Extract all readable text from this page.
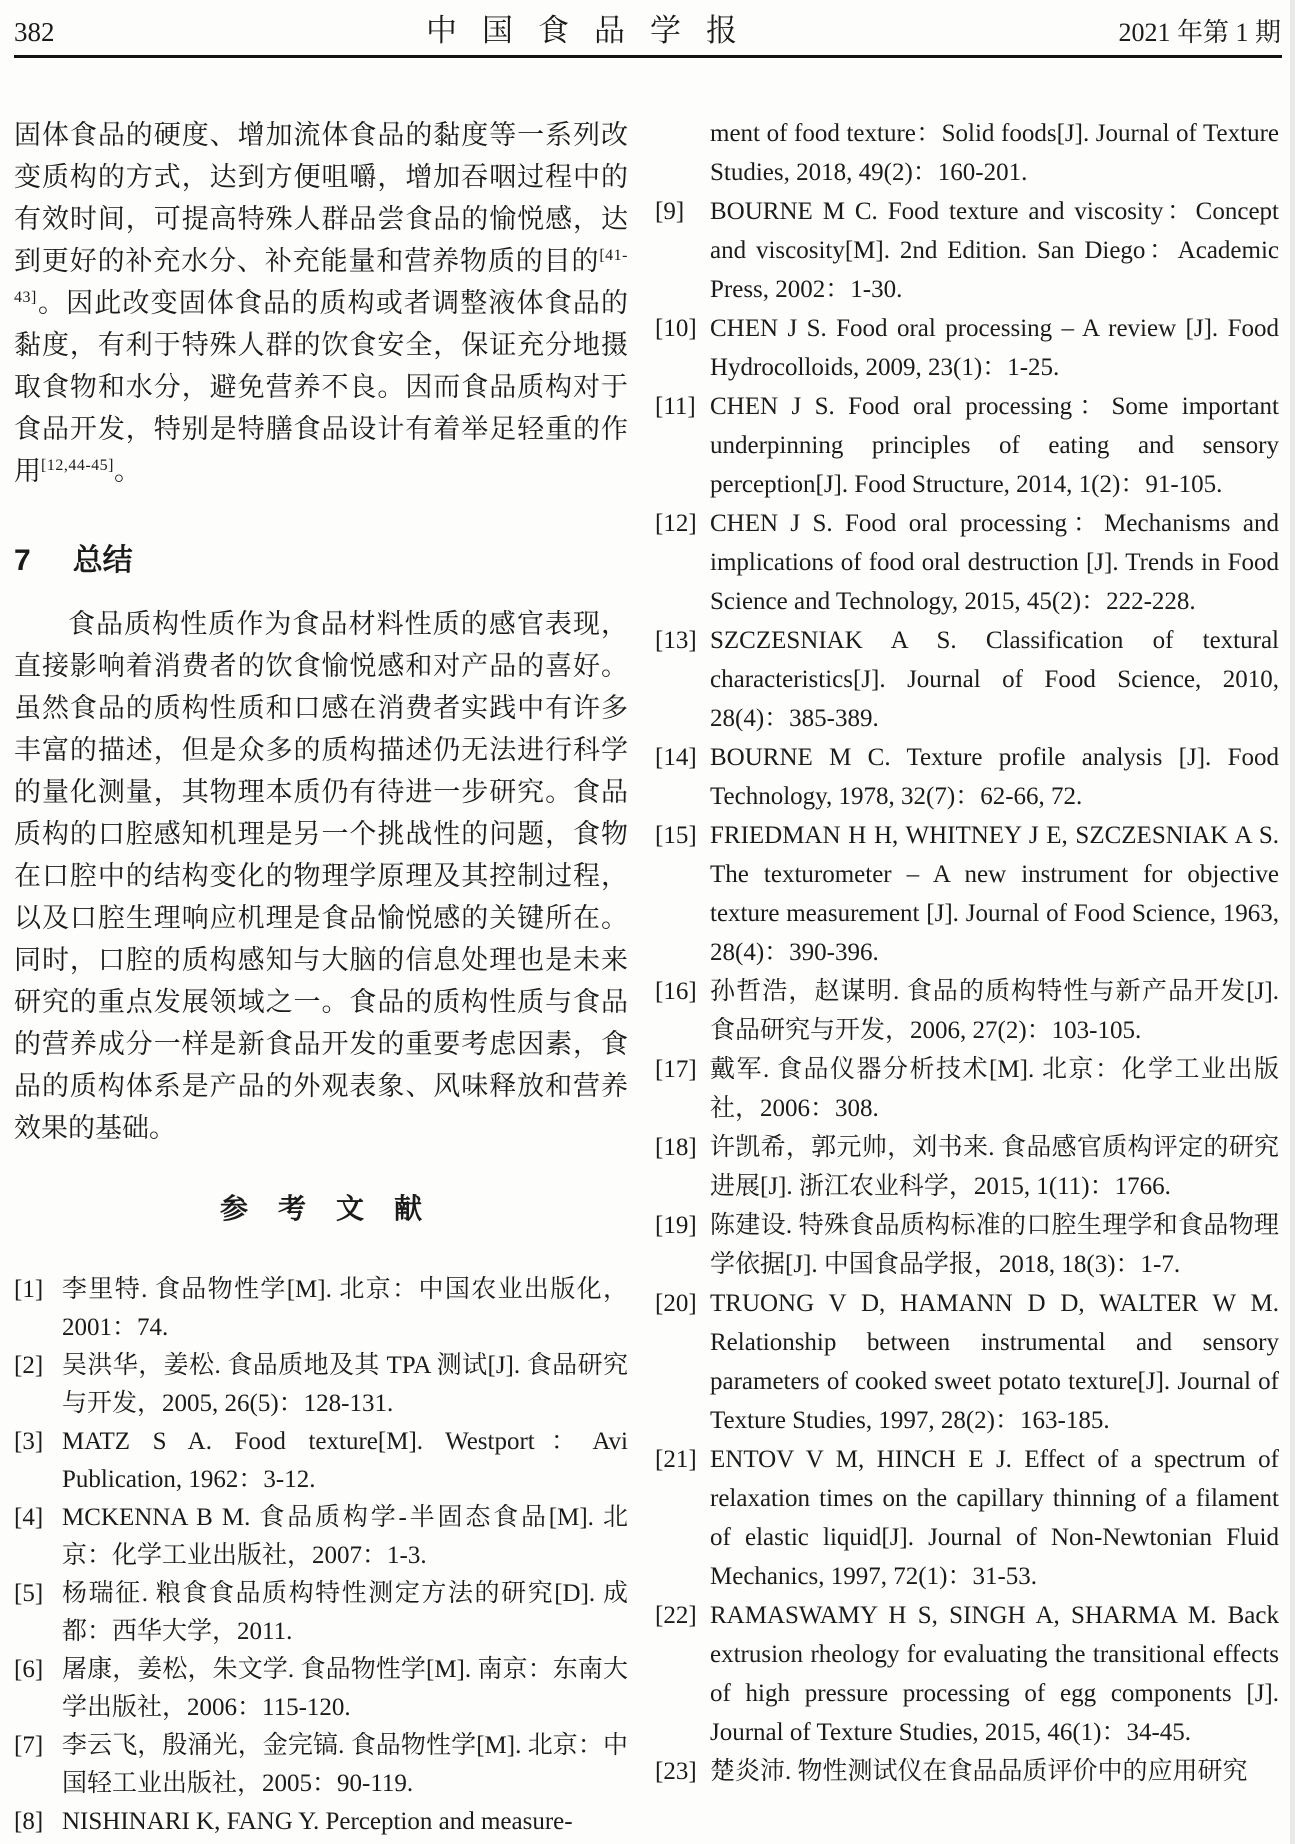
382	中国食品学报	2021 年第 1 期

固体食品的硬度、增加流体食品的黏度等一系列改变质构的方式，达到方便咀嚼，增加吞咽过程中的有效时间，可提高特殊人群品尝食品的愉悦感，达到更好的补充水分、补充能量和营养物质的目的[41-43]。因此改变固体食品的质构或者调整液体食品的黏度，有利于特殊人群的饮食安全，保证充分地摄取食物和水分，避免营养不良。因而食品质构对于食品开发，特别是特膳食品设计有着举足轻重的作用[12,44-45]。

7 总结

食品质构性质作为食品材料性质的感官表现，直接影响着消费者的饮食愉悦感和对产品的喜好。虽然食品的质构性质和口感在消费者实践中有许多丰富的描述，但是众多的质构描述仍无法进行科学的量化测量，其物理本质仍有待进一步研究。食品质构的口腔感知机理是另一个挑战性的问题，食物在口腔中的结构变化的物理学原理及其控制过程，以及口腔生理响应机理是食品愉悦感的关键所在。同时，口腔的质构感知与大脑的信息处理也是未来研究的重点发展领域之一。食品的质构性质与食品的营养成分一样是新食品开发的重要考虑因素，食品的质构体系是产品的外观表象、风味释放和营养效果的基础。

参考文献
[1] 李里特. 食品物性学[M]. 北京：中国农业出版化，2001：74.
[2] 吴洪华，姜松. 食品质地及其 TPA 测试[J]. 食品研究与开发，2005, 26(5)：128-131.
[3] MATZ S A. Food texture[M]. Westport：Avi Publication, 1962：3-12.
[4] MCKENNA B M. 食品质构学-半固态食品[M]. 北京：化学工业出版社，2007：1-3.
[5] 杨瑞征. 粮食食品质构特性测定方法的研究[D]. 成都：西华大学，2011.
[6] 屠康，姜松，朱文学. 食品物性学[M]. 南京：东南大学出版社，2006：115-120.
[7] 李云飞，殷涌光，金完镐. 食品物性学[M]. 北京：中国轻工业出版社，2005：90-119.
[8] NISHINARI K, FANG Y. Perception and measure-
ment of food texture：Solid foods[J]. Journal of Texture Studies, 2018, 49(2)：160-201.
[9] BOURNE M C. Food texture and viscosity：Concept and viscosity[M]. 2nd Edition. San Diego：Academic Press, 2002：1-30.
[10] CHEN J S. Food oral processing – A review [J]. Food Hydrocolloids, 2009, 23(1)：1-25.
[11] CHEN J S. Food oral processing：Some important underpinning principles of eating and sensory perception[J]. Food Structure, 2014, 1(2)：91-105.
[12] CHEN J S. Food oral processing：Mechanisms and implications of food oral destruction [J]. Trends in Food Science and Technology, 2015, 45(2)：222-228.
[13] SZCZESNIAK A S. Classification of textural characteristics[J]. Journal of Food Science, 2010, 28(4)：385-389.
[14] BOURNE M C. Texture profile analysis [J]. Food Technology, 1978, 32(7)：62-66, 72.
[15] FRIEDMAN H H, WHITNEY J E, SZCZESNIAK A S. The texturometer – A new instrument for objective texture measurement [J]. Journal of Food Science, 1963, 28(4)：390-396.
[16] 孙哲浩，赵谋明. 食品的质构特性与新产品开发[J]. 食品研究与开发，2006, 27(2)：103-105.
[17] 戴军. 食品仪器分析技术[M]. 北京：化学工业出版社，2006：308.
[18] 许凯希，郭元帅，刘书来. 食品感官质构评定的研究进展[J]. 浙江农业科学，2015, 1(11)：1766.
[19] 陈建设. 特殊食品质构标准的口腔生理学和食品物理学依据[J]. 中国食品学报，2018, 18(3)：1-7.
[20] TRUONG V D, HAMANN D D, WALTER W M. Relationship between instrumental and sensory parameters of cooked sweet potato texture[J]. Journal of Texture Studies, 1997, 28(2)：163-185.
[21] ENTOV V M, HINCH E J. Effect of a spectrum of relaxation times on the capillary thinning of a filament of elastic liquid[J]. Journal of Non-Newtonian Fluid Mechanics, 1997, 72(1)：31-53.
[22] RAMASWAMY H S, SINGH A, SHARMA M. Back extrusion rheology for evaluating the transitional effects of high pressure processing of egg components [J]. Journal of Texture Studies, 2015, 46(1)：34-45.
[23] 楚炎沛. 物性测试仪在食品品质评价中的应用研究
